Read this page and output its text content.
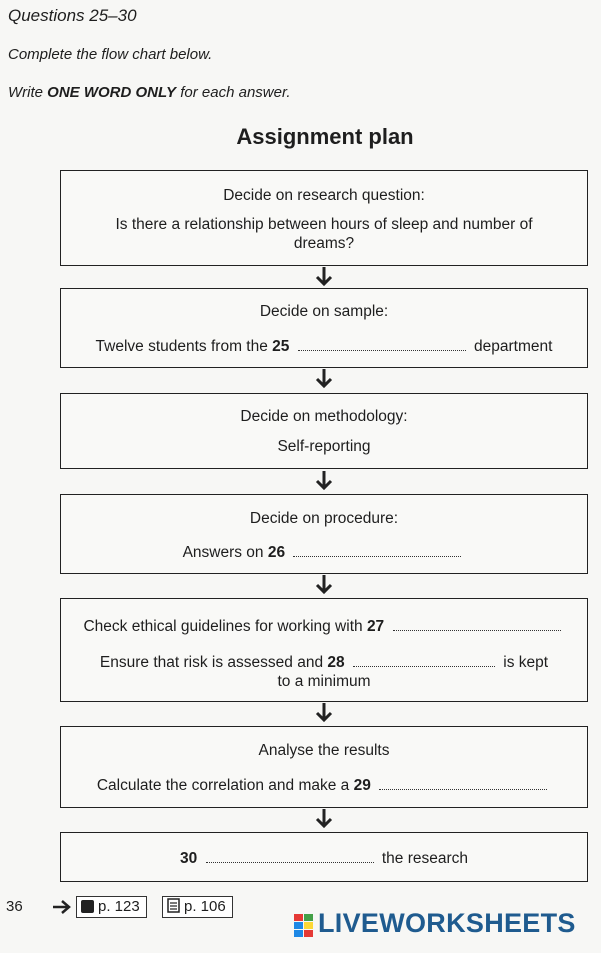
Questions 25–30
Complete the flow chart below.
Write ONE WORD ONLY for each answer.
Assignment plan
Decide on research question:
Is there a relationship between hours of sleep and number of
dreams?
Decide on sample:
Twelve students from the 25	department
Decide on methodology:
Self-reporting
Decide on procedure:
Answers on 26
Check ethical guidelines for working with 27
Ensure that risk is assessed and 28	is kept
to a minimum
Analyse the results
Calculate the correlation and make a 29
30	the research
36	p. 123	p. 106
LIVEWORKSHEETS
